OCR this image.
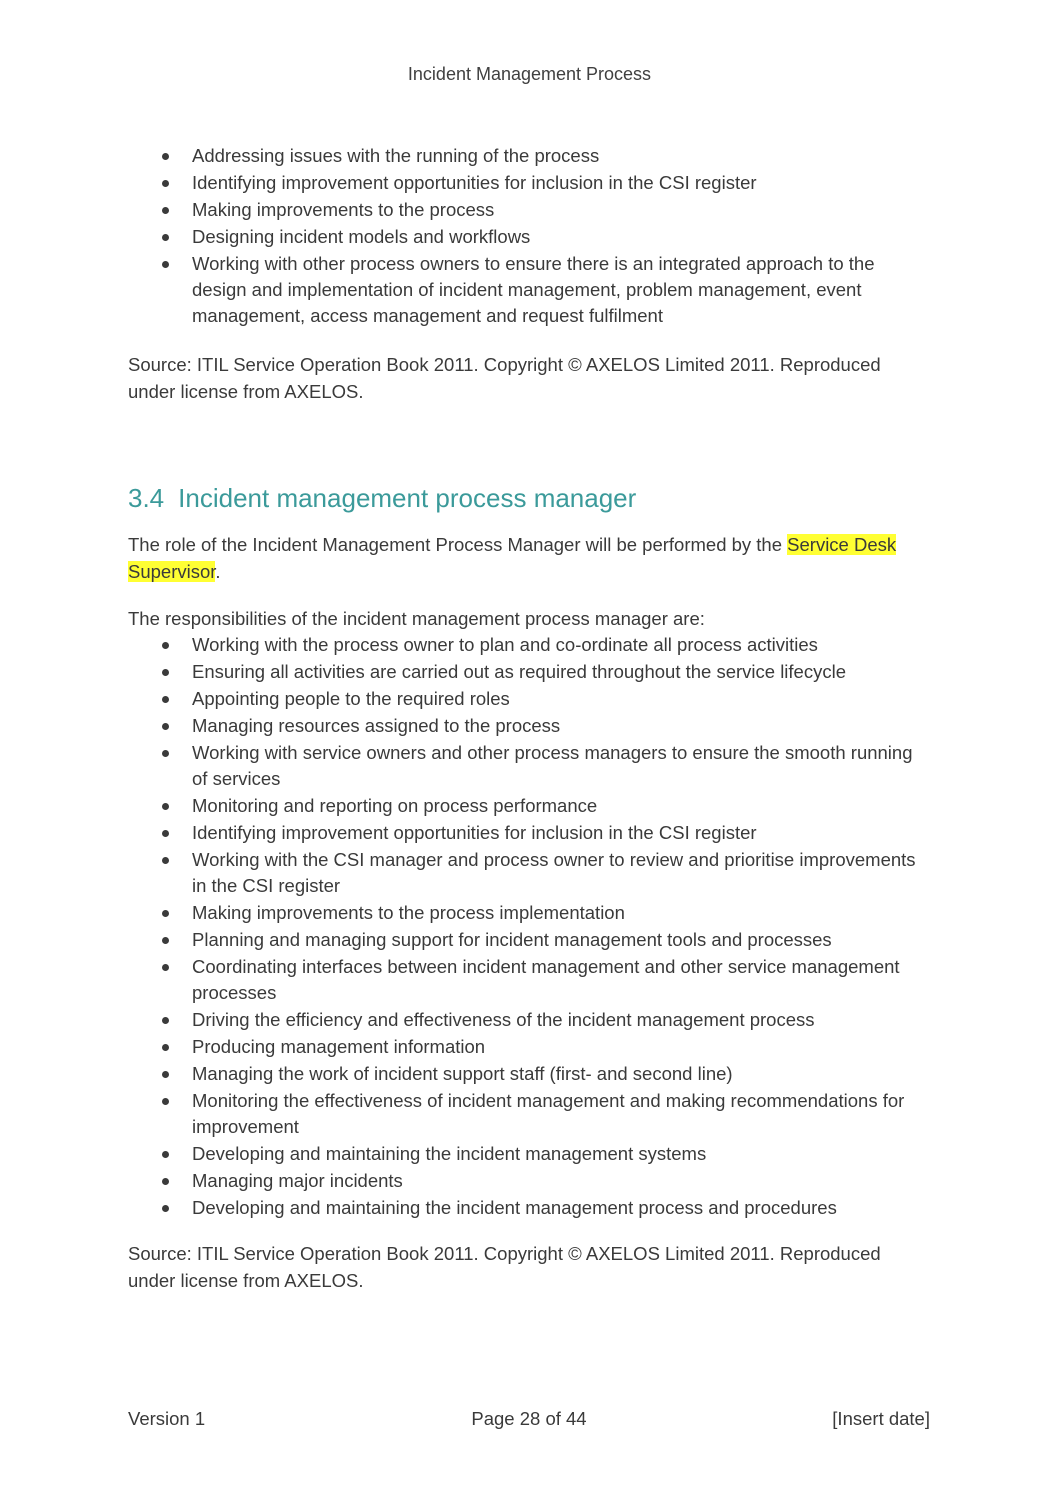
Incident Management Process
Addressing issues with the running of the process
Identifying improvement opportunities for inclusion in the CSI register
Making improvements to the process
Designing incident models and workflows
Working with other process owners to ensure there is an integrated approach to the design and implementation of incident management, problem management, event management, access management and request fulfilment

Source: ITIL Service Operation Book 2011. Copyright © AXELOS Limited 2011. Reproduced under license from AXELOS.

3.4 Incident management process manager

The role of the Incident Management Process Manager will be performed by the Service Desk Supervisor.

The responsibilities of the incident management process manager are:

Working with the process owner to plan and co-ordinate all process activities
Ensuring all activities are carried out as required throughout the service lifecycle
Appointing people to the required roles
Managing resources assigned to the process
Working with service owners and other process managers to ensure the smooth running of services
Monitoring and reporting on process performance
Identifying improvement opportunities for inclusion in the CSI register
Working with the CSI manager and process owner to review and prioritise improvements in the CSI register
Making improvements to the process implementation
Planning and managing support for incident management tools and processes
Coordinating interfaces between incident management and other service management processes
Driving the efficiency and effectiveness of the incident management process
Producing management information
Managing the work of incident support staff (first- and second line)
Monitoring the effectiveness of incident management and making recommendations for improvement
Developing and maintaining the incident management systems
Managing major incidents
Developing and maintaining the incident management process and procedures

Source: ITIL Service Operation Book 2011. Copyright © AXELOS Limited 2011. Reproduced under license from AXELOS.

Version 1	Page 28 of 44	[Insert date]
